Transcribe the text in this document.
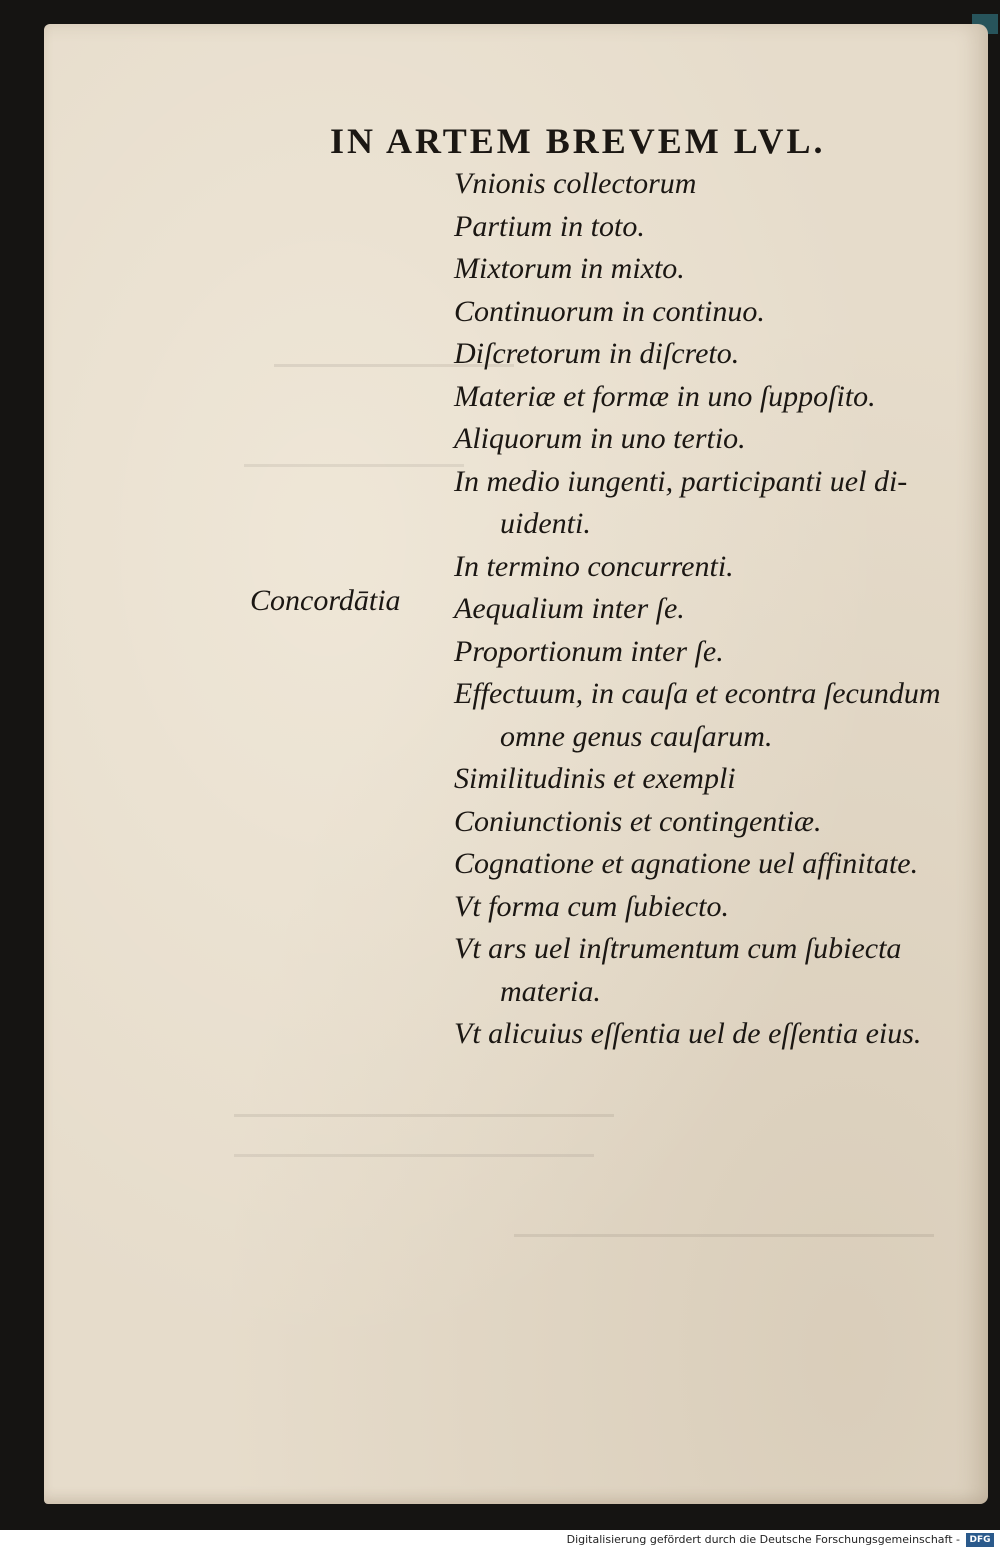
IN ARTEM BREVEM LVL.
Concordātia
Vnionis collectorum
Partium in toto.
Mixtorum in mixto.
Continuorum in continuo.
Diſcretorum in diſcreto.
Materiæ et formæ in uno ſuppoſito.
Aliquorum in uno tertio.
In medio iungenti, participanti uel di-
uidenti.
In termino concurrenti.
Aequalium inter ſe.
Proportionum inter ſe.
Effectuum, in cauſa et econtra ſecundum
omne genus cauſarum.
Similitudinis et exempli
Coniunctionis et contingentiæ.
Cognatione et agnatione uel affinitate.
Vt forma cum ſubiecto.
Vt ars uel inſtrumentum cum ſubiecta
materia.
Vt alicuius eſſentia uel de eſſentia eius.
Digitalisierung gefördert durch die Deutsche Forschungsgemeinschaft -	DFG
